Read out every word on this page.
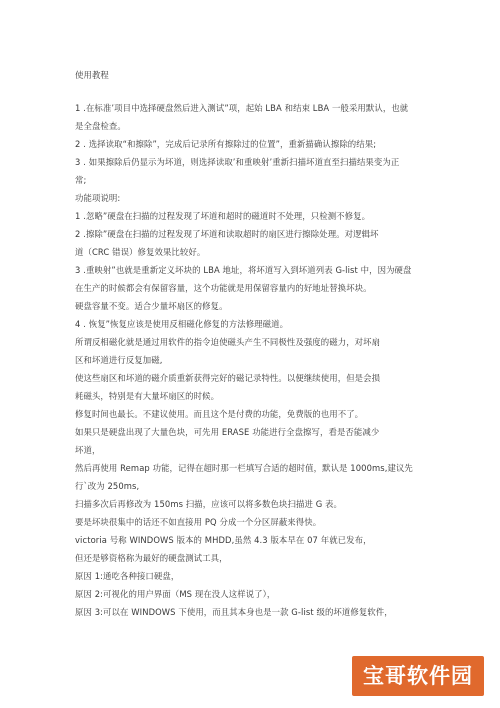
使用教程
1 .在标准’项目中选择硬盘然后进入测试”项，起始 LBA 和结束 LBA 一般采用默认，也就
是全盘检查。
2 . 选择读取“和擦除”，完成后记录所有擦除过的位置”，重新描确认擦除的结果;
3 . 如果擦除后仍显示为坏道，则选择读取’和重映射’重新扫描坏道直至扫描结果变为正
常;
功能项说明:
1 .忽略”硬盘在扫描的过程发现了坏道和超时的磁道时不处理，只检测不修复。
2 .擦除”硬盘在扫描的过程发现了坏道和读取超时的扇区进行擦除处理。对逻辑坏
道（CRC 错误）修复效果比较好。
3 .重映射”也就是重新定义坏块的 LBA 地址，将坏道写入到坏道列表 G-list 中，因为硬盘
在生产的时候都会有保留容量，这个功能就是用保留容量内的好地址替换坏块。
硬盘容量不变。适合少量坏扇区的修复。
4 . 恢复”恢复应该是使用反相磁化修复的方法修理磁道。
所谓反相磁化就是通过用软件的指令迫使磁头产生不同极性及强度的磁力，对坏扇
区和坏道进行反复加磁,
使这些扇区和坏道的磁介质重新获得完好的磁记录特性。以便继续使用，但是会损
耗磁头，特别是有大量坏扇区的时候。
修复时间也最长。不建议使用。而且这个是付费的功能，免费版的也用不了。
如果只是硬盘出现了大量色块，可先用 ERASE 功能进行全盘擦写，看是否能减少
坏道，
然后再使用 Remap 功能，记得在超时那一栏填写合适的超时值，默认是 1000ms,建议先
行`改为 250ms,
扫描多次后再修改为 150ms 扫描，应该可以将多数色块扫描进 G 表。
要是坏块很集中的话还不如直接用 PQ 分成一个分区屏蔽来得快。
victoria 号称 WINDOWS 版本的 MHDD,虽然 4.3 版本早在 07 年就已发布，
但还是够资格称为最好的硬盘测试工具，
原因 1:通吃各种接口硬盘，
原因 2:可视化的用户界面（MS 现在没人这样说了），
原因 3:可以在 WINDOWS 下使用，而且其本身也是一款 G-list 级的坏道修复软件，
宝哥软件园
